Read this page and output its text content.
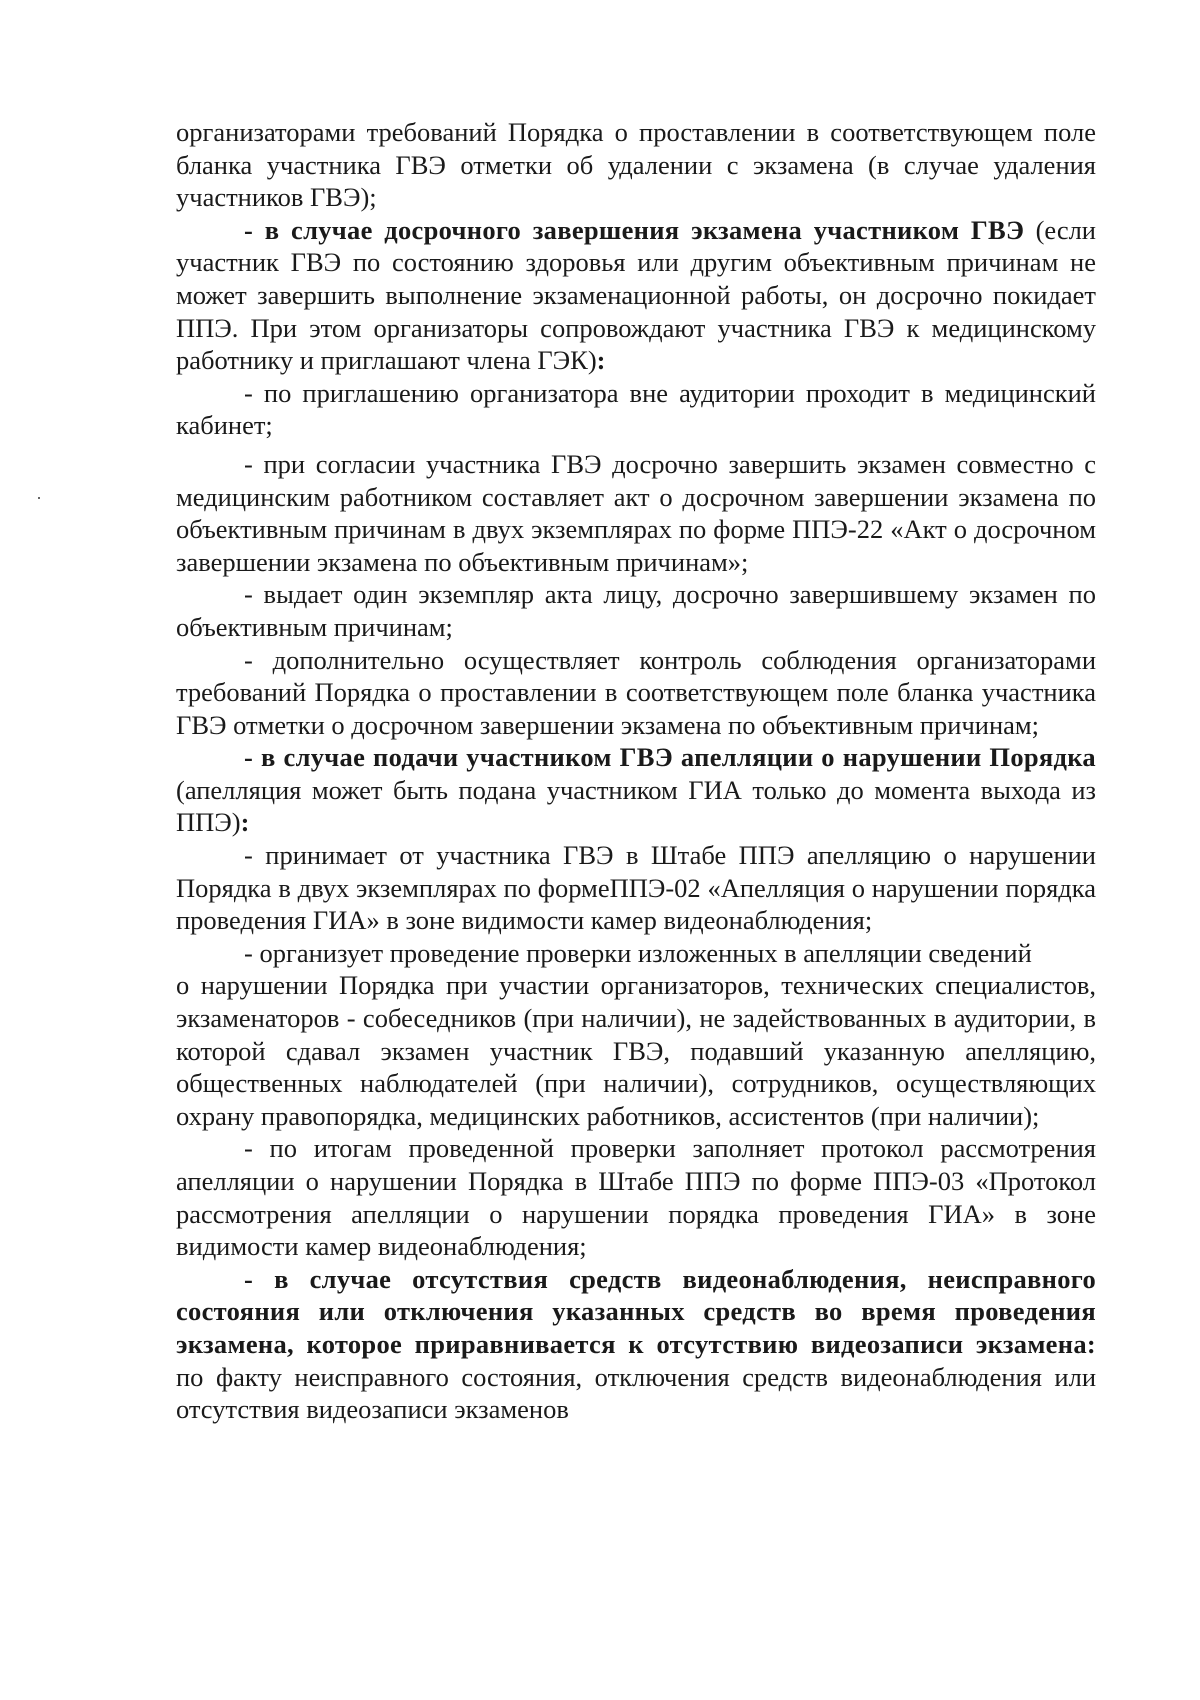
организаторами требований Порядка о проставлении в соответствующем поле бланка участника ГВЭ отметки об удалении с экзамена (в случае удаления участников ГВЭ);

- в случае досрочного завершения экзамена участником ГВЭ (если участник ГВЭ по состоянию здоровья или другим объективным причинам не может завершить выполнение экзаменационной работы, он досрочно покидает ППЭ. При этом организаторы сопровождают участника ГВЭ к медицинскому работнику и приглашают члена ГЭК):

- по приглашению организатора вне аудитории проходит в медицинский кабинет;

- при согласии участника ГВЭ досрочно завершить экзамен совместно с медицинским работником составляет акт о досрочном завершении экзамена по объективным причинам в двух экземплярах по форме ППЭ-22 «Акт о досрочном завершении экзамена по объективным причинам»;

- выдает один экземпляр акта лицу, досрочно завершившему экзамен по объективным причинам;

- дополнительно осуществляет контроль соблюдения организаторами требований Порядка о проставлении в соответствующем поле бланка участника ГВЭ отметки о досрочном завершении экзамена по объективным причинам;

- в случае подачи участником ГВЭ апелляции о нарушении Порядка (апелляция может быть подана участником ГИА только до момента выхода из ППЭ):

- принимает от участника ГВЭ в Штабе ППЭ апелляцию о нарушении Порядка в двух экземплярах по формеППЭ-02 «Апелляция о нарушении порядка проведения ГИА» в зоне видимости камер видеонаблюдения;

- организует проведение проверки изложенных в апелляции сведений

о нарушении Порядка при участии организаторов, технических специалистов, экзаменаторов - собеседников (при наличии), не задействованных в аудитории, в которой сдавал экзамен участник ГВЭ, подавший указанную апелляцию, общественных наблюдателей (при наличии), сотрудников, осуществляющих охрану правопорядка, медицинских работников, ассистентов (при наличии);

- по итогам проведенной проверки заполняет протокол рассмотрения апелляции о нарушении Порядка в Штабе ППЭ по форме ППЭ-03 «Протокол рассмотрения апелляции о нарушении порядка проведения ГИА» в зоне видимости камер видеонаблюдения;

- в случае отсутствия средств видеонаблюдения, неисправного состояния или отключения указанных средств во время проведения экзамена, которое приравнивается к отсутствию видеозаписи экзамена: по факту неисправного состояния, отключения средств видеонаблюдения или отсутствия видеозаписи экзаменов
